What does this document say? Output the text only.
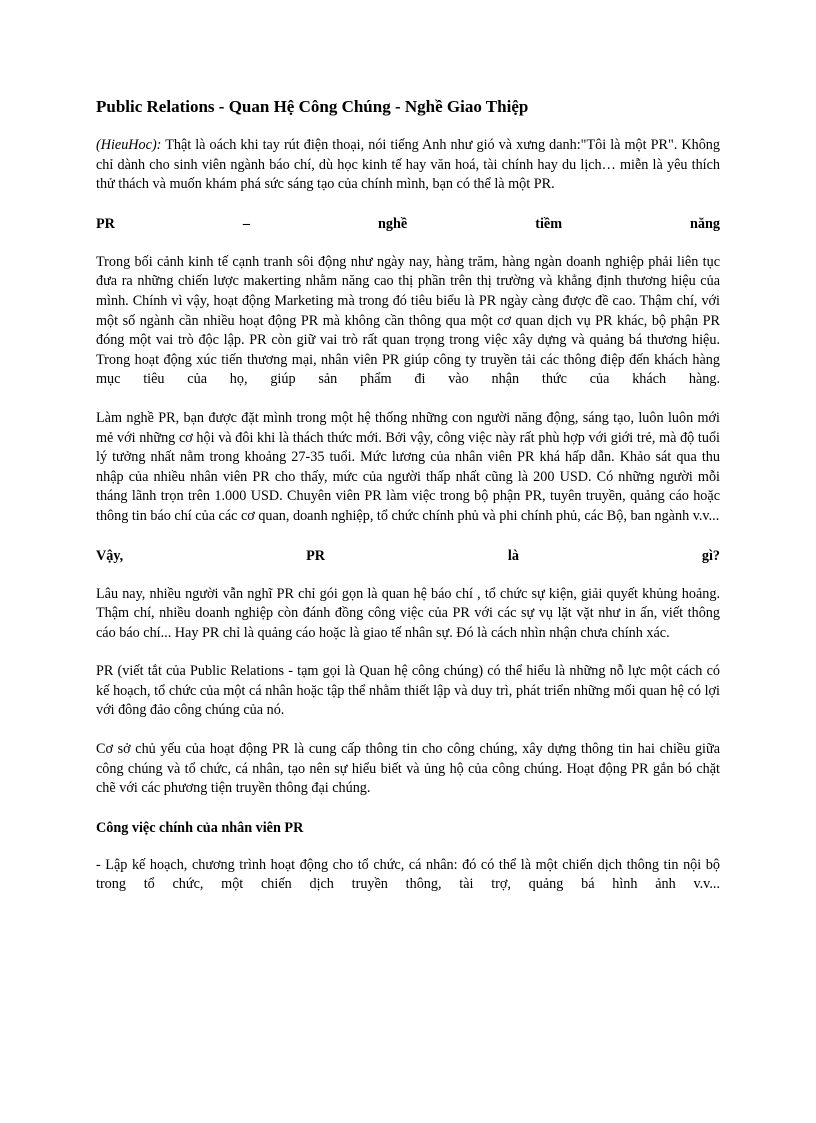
Public Relations - Quan Hệ Công Chúng - Nghề Giao Thiệp

(HieuHoc): Thật là oách khi tay rút điện thoại, nói tiếng Anh như gió và xưng danh:"Tôi là một PR". Không chỉ dành cho sinh viên ngành báo chí, dù học kinh tế hay văn hoá, tài chính hay du lịch… miễn là yêu thích thử thách và muốn khám phá sức sáng tạo của chính mình, bạn có thể là một PR.

PR – nghề tiềm năng

Trong bối cảnh kinh tế cạnh tranh sôi động như ngày nay, hàng trăm, hàng ngàn doanh nghiệp phải liên tục đưa ra những chiến lược makerting nhằm năng cao thị phần trên thị trường và khẳng định thương hiệu của mình. Chính vì vậy, hoạt động Marketing mà trong đó tiêu biểu là PR ngày càng được đề cao. Thậm chí, với một số ngành cần nhiều hoạt động PR mà không cần thông qua một cơ quan dịch vụ PR khác, bộ phận PR đóng một vai trò độc lập. PR còn giữ vai trò rất quan trọng trong việc xây dựng và quảng bá thương hiệu. Trong hoạt động xúc tiến thương mại, nhân viên PR giúp công ty truyền tải các thông điệp đến khách hàng mục tiêu của họ, giúp sản phẩm đi vào nhận thức của khách hàng.

Làm nghề PR, bạn được đặt mình trong một hệ thống những con người năng động, sáng tạo, luôn luôn mới mẻ với những cơ hội và đôi khi là thách thức mới. Bởi vậy, công việc này rất phù hợp với giới trẻ, mà độ tuổi lý tưởng nhất nằm trong khoảng 27-35 tuổi. Mức lương của nhân viên PR khá hấp dẫn. Khảo sát qua thu nhập của nhiều nhân viên PR cho thấy, mức của người thấp nhất cũng là 200 USD. Có những người mỗi tháng lãnh trọn trên 1.000 USD. Chuyên viên PR làm việc trong bộ phận PR, tuyên truyền, quảng cáo hoặc thông tin báo chí của các cơ quan, doanh nghiệp, tổ chức chính phủ và phi chính phủ, các Bộ, ban ngành v.v...

Vậy, PR là gì?

Lâu nay, nhiều người vẫn nghĩ PR chỉ gói gọn là quan hệ báo chí , tổ chức sự kiện, giải quyết khủng hoảng. Thậm chí, nhiều doanh nghiệp còn đánh đồng công việc của PR với các sự vụ lặt vặt như in ấn, viết thông cáo báo chí... Hay PR chỉ là quảng cáo hoặc là giao tế nhân sự. Đó là cách nhìn nhận chưa chính xác.

PR (viết tắt của Public Relations - tạm gọi là Quan hệ công chúng) có thể hiểu là những nỗ lực một cách có kế hoạch, tổ chức của một cá nhân hoặc tập thể nhằm thiết lập và duy trì, phát triển những mối quan hệ có lợi với đông đảo công chúng của nó.

Cơ sở chủ yếu của hoạt động PR là cung cấp thông tin cho công chúng, xây dựng thông tin hai chiều giữa công chúng và tổ chức, cá nhân, tạo nên sự hiểu biết và ủng hộ của công chúng. Hoạt động PR gắn bó chặt chẽ với các phương tiện truyền thông đại chúng.

Công việc chính của nhân viên PR

- Lập kế hoạch, chương trình hoạt động cho tổ chức, cá nhân: đó có thể là một chiến dịch thông tin nội bộ trong tổ chức, một chiến dịch truyền thông, tài trợ, quảng bá hình ảnh v.v...
